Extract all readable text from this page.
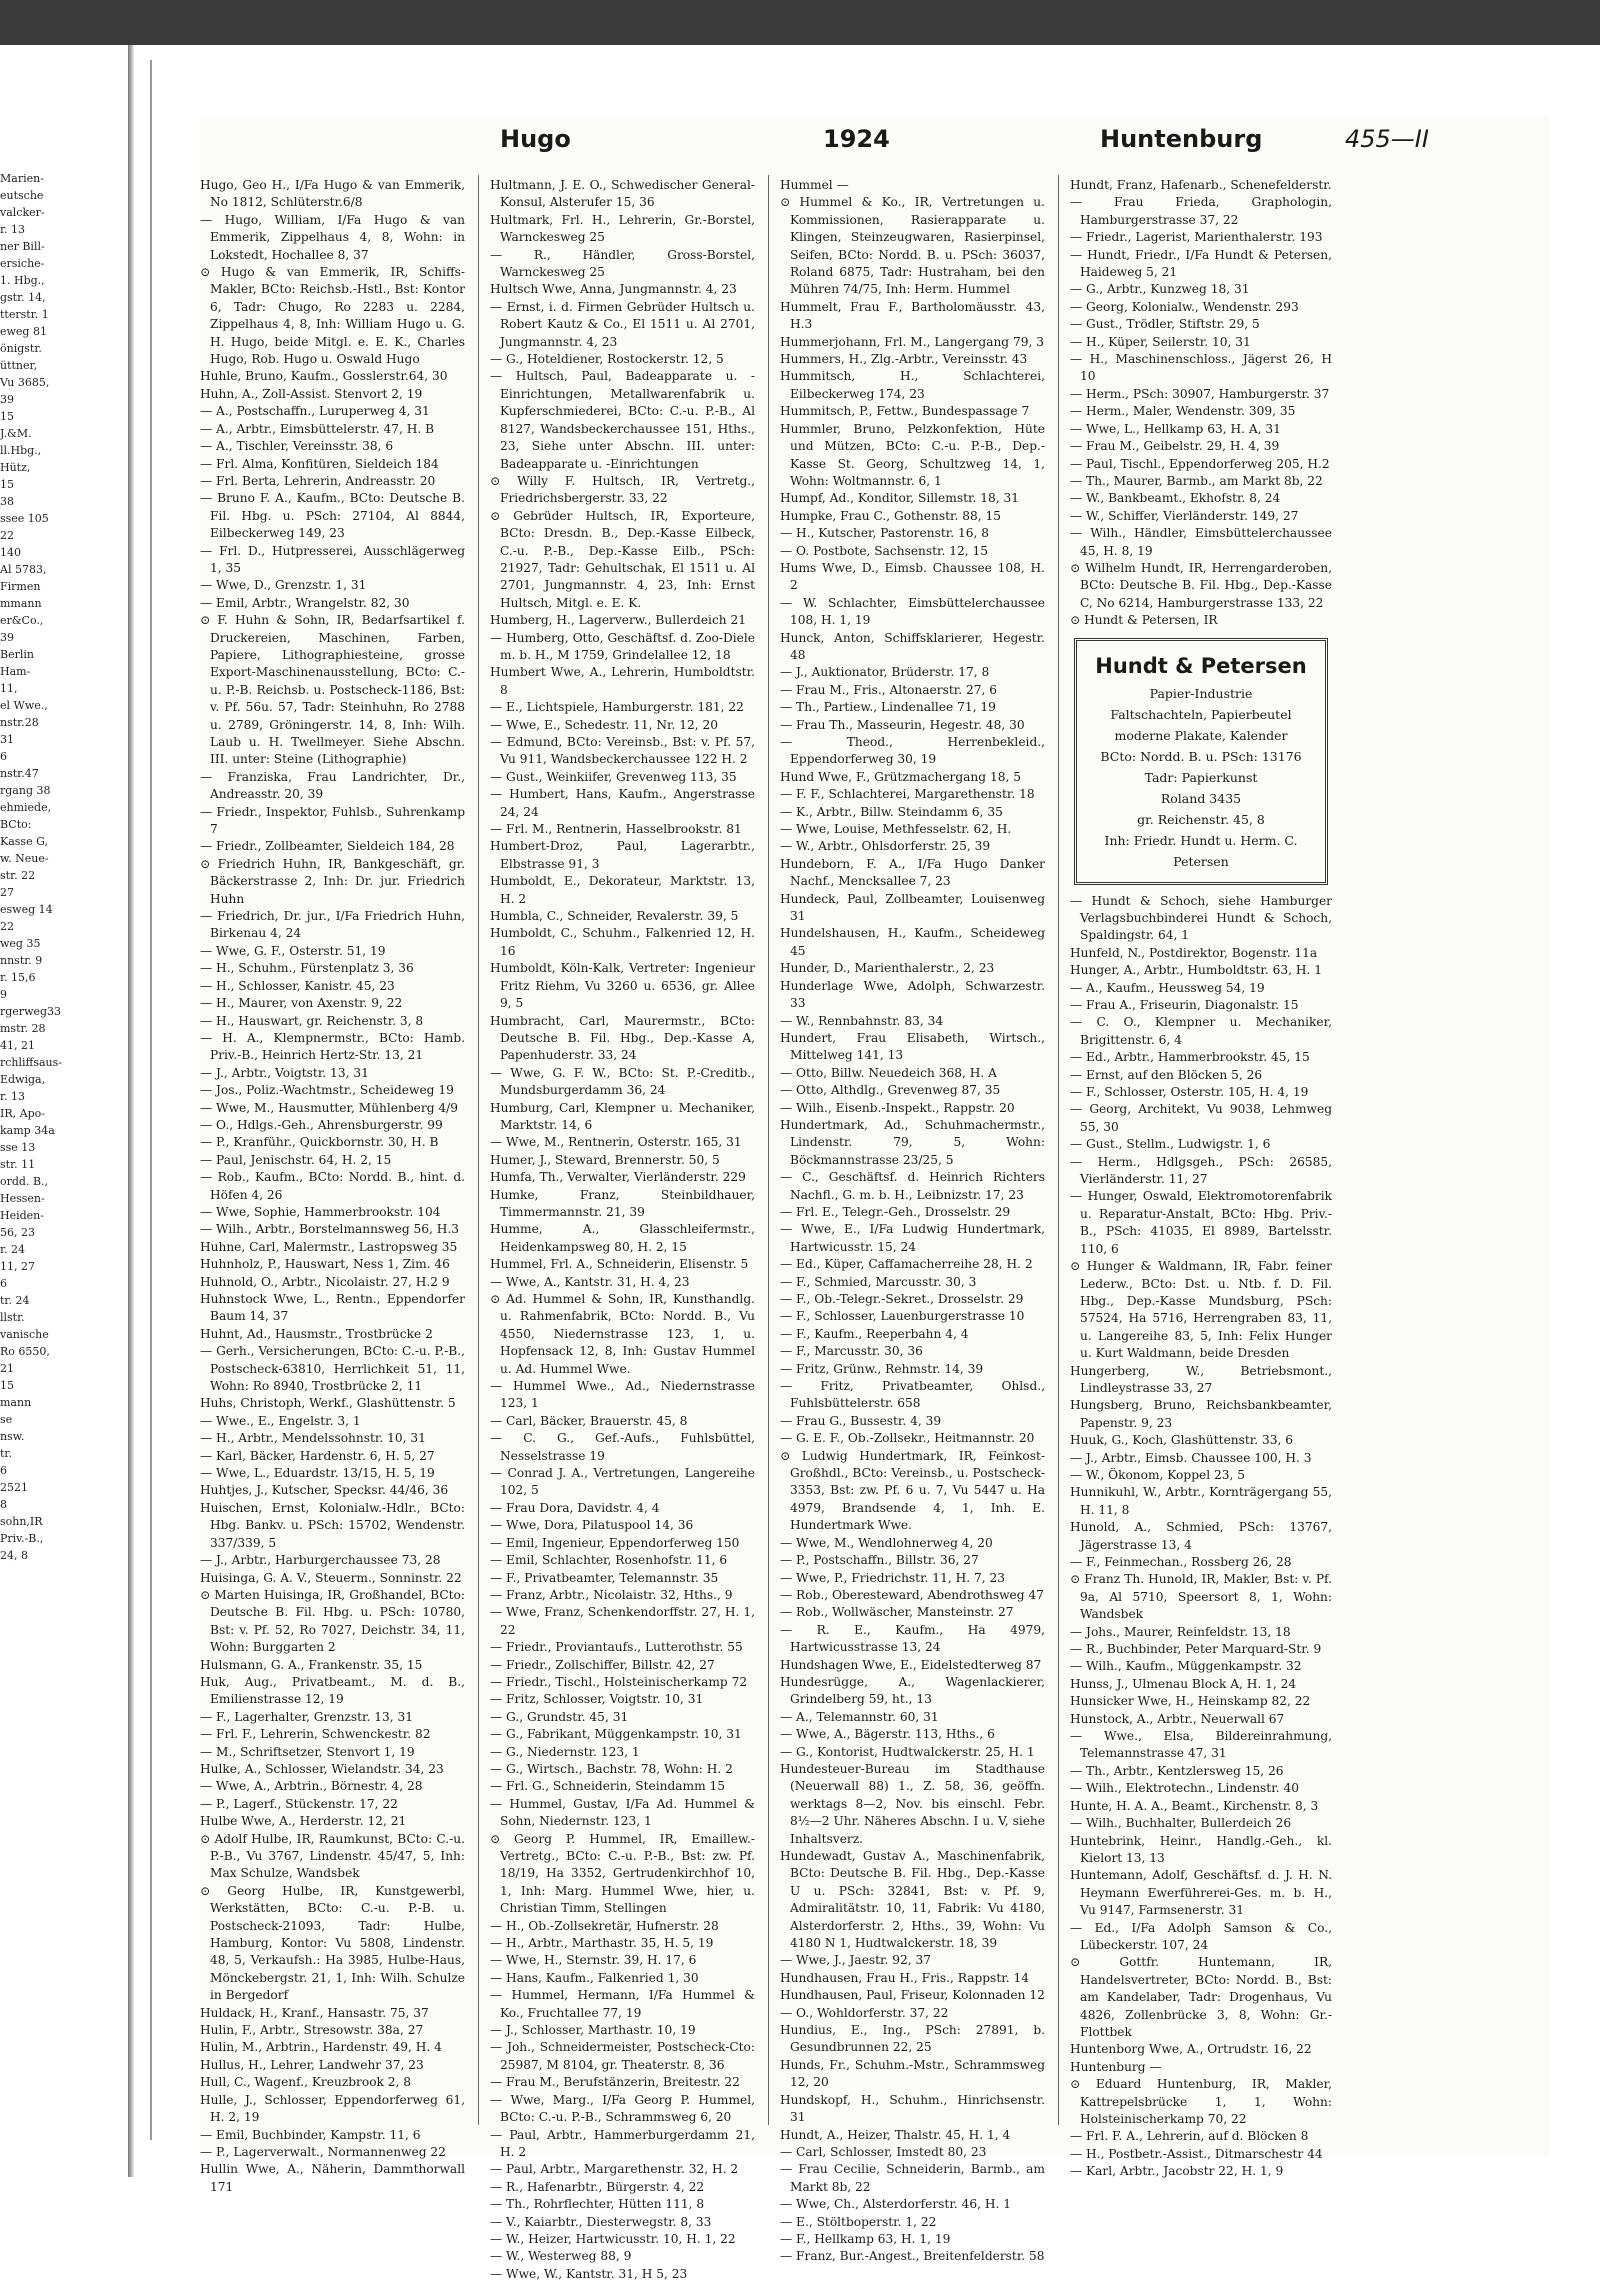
Marien-
eutsche
valcker-
r. 13
ner Bill-
ersiche-
1. Hbg.,
gstr. 14,
tterstr. 1
eweg 81
önigstr.
üttner,
Vu 3685,
39
15
J.&M.
ll.Hbg.,
Hütz,
15
38
ssee 105
22
140
Al 5783,
Firmen
mmann
er&Co.,
39
Berlin
Ham-
11,
el Wwe.,
nstr.28
31
6
nstr.47
rgang 38
ehmiede,
BCto:
Kasse G,
w. Neue-
str. 22
27
esweg 14
22
weg 35
nnstr. 9
r. 15,6
9
rgerweg33
mstr. 28
41, 21
rchliffsaus-
Edwiga,
r. 13
IR, Apo-
kamp 34a
sse 13
str. 11
ordd. B.,
Hessen-
Heiden-
56, 23
r. 24
11, 27
6
tr. 24
llstr.
vanische
Ro 6550,
21
15
mann
se
nsw.
tr.
6
2521
8
sohn,IR
Priv.-B.,
24, 8
Hugo	1924	Huntenburg	455—II
Hugo, Geo H., I/Fa Hugo & van Emmerik, No 1812, Schlüterstr.6/8
— Hugo, William, I/Fa Hugo & van Emmerik, Zippelhaus 4, 8, Wohn: in Lokstedt, Hochallee 8, 37
⊙ Hugo & van Emmerik, IR, Schiffs-Makler, BCto: Reichsb.-Hstl., Bst: Kontor 6, Tadr: Chugo, Ro 2283 u. 2284, Zippelhaus 4, 8, Inh: William Hugo u. G. H. Hugo, beide Mitgl. e. E. K., Charles Hugo, Rob. Hugo u. Oswald Hugo
Huhle, Bruno, Kaufm., Gosslerstr.64, 30
Huhn, A., Zoll-Assist. Stenvort 2, 19
— A., Postschaffn., Luruperweg 4, 31
— A., Arbtr., Eimsbüttelerstr. 47, H. B
— A., Tischler, Vereinsstr. 38, 6
— Frl. Alma, Konfitüren, Sieldeich 184
— Frl. Berta, Lehrerin, Andreasstr. 20
— Bruno F. A., Kaufm., BCto: Deutsche B. Fil. Hbg. u. PSch: 27104, Al 8844, Eilbeckerweg 149, 23
— Frl. D., Hutpresserei, Ausschlägerweg 1, 35
— Wwe, D., Grenzstr. 1, 31
— Emil, Arbtr., Wrangelstr. 82, 30
⊙ F. Huhn & Sohn, IR, Bedarfsartikel f. Druckereien, Maschinen, Farben, Papiere, Lithographiesteine, grosse Export-Maschinenausstellung, BCto: C.-u. P.-B. Reichsb. u. Postscheck-1186, Bst: v. Pf. 56u. 57, Tadr: Steinhuhn, Ro 2788 u. 2789, Gröningerstr. 14, 8, Inh: Wilh. Laub u. H. Twellmeyer. Siehe Abschn. III. unter: Steine (Lithographie)
— Franziska, Frau Landrichter, Dr., Andreasstr. 20, 39
— Friedr., Inspektor, Fuhlsb., Suhrenkamp 7
— Friedr., Zollbeamter, Sieldeich 184, 28
⊙ Friedrich Huhn, IR, Bankgeschäft, gr. Bäckerstrasse 2, Inh: Dr. jur. Friedrich Huhn
— Friedrich, Dr. jur., I/Fa Friedrich Huhn, Birkenau 4, 24
— Wwe, G. F., Osterstr. 51, 19
— H., Schuhm., Fürstenplatz 3, 36
— H., Schlosser, Kanistr. 45, 23
— H., Maurer, von Axenstr. 9, 22
— H., Hauswart, gr. Reichenstr. 3, 8
— H. A., Klempnermstr., BCto: Hamb. Priv.-B., Heinrich Hertz-Str. 13, 21
— J., Arbtr., Voigtstr. 13, 31
— Jos., Poliz.-Wachtmstr., Scheideweg 19
— Wwe, M., Hausmutter, Mühlenberg 4/9
— O., Hdlgs.-Geh., Ahrensburgerstr. 99
— P., Kranführ., Quickbornstr. 30, H. B
— Paul, Jenischstr. 64, H. 2, 15
— Rob., Kaufm., BCto: Nordd. B., hint. d. Höfen 4, 26
— Wwe, Sophie, Hammerbrookstr. 104
— Wilh., Arbtr., Borstelmannsweg 56, H.3
Huhne, Carl, Malermstr., Lastropsweg 35
Huhnholz, P., Hauswart, Ness 1, Zim. 46
Huhnold, O., Arbtr., Nicolaistr. 27, H.2 9
Huhnstock Wwe, L., Rentn., Eppendorfer Baum 14, 37
Huhnt, Ad., Hausmstr., Trostbrücke 2
— Gerh., Versicherungen, BCto: C.-u. P.-B., Postscheck-63810, Herrlichkeit 51, 11, Wohn: Ro 8940, Trostbrücke 2, 11
Huhs, Christoph, Werkf., Glashüttenstr. 5
— Wwe., E., Engelstr. 3, 1
— H., Arbtr., Mendelssohnstr. 10, 31
— Karl, Bäcker, Hardenstr. 6, H. 5, 27
— Wwe, L., Eduardstr. 13/15, H. 5, 19
Huhtjes, J., Kutscher, Specksr. 44/46, 36
Huischen, Ernst, Kolonialw.-Hdlr., BCto: Hbg. Bankv. u. PSch: 15702, Wendenstr. 337/339, 5
— J., Arbtr., Harburgerchaussee 73, 28
Huisinga, G. A. V., Steuerm., Sonninstr. 22
⊙ Marten Huisinga, IR, Großhandel, BCto: Deutsche B. Fil. Hbg. u. PSch: 10780, Bst: v. Pf. 52, Ro 7027, Deichstr. 34, 11, Wohn: Burggarten 2
Hulsmann, G. A., Frankenstr. 35, 15
Huk, Aug., Privatbeamt., M. d. B., Emilienstrasse 12, 19
— F., Lagerhalter, Grenzstr. 13, 31
— Frl. F., Lehrerin, Schwenckestr. 82
— M., Schriftsetzer, Stenvort 1, 19
Hulke, A., Schlosser, Wielandstr. 34, 23
— Wwe, A., Arbtrin., Börnestr. 4, 28
— P., Lagerf., Stückenstr. 17, 22
Hulbe Wwe, A., Herderstr. 12, 21
⊙ Adolf Hulbe, IR, Raumkunst, BCto: C.-u. P.-B., Vu 3767, Lindenstr. 45/47, 5, Inh: Max Schulze, Wandsbek
⊙ Georg Hulbe, IR, Kunstgewerbl, Werkstätten, BCto: C.-u. P.-B. u. Postscheck-21093, Tadr: Hulbe, Hamburg, Kontor: Vu 5808, Lindenstr. 48, 5, Verkaufsh.: Ha 3985, Hulbe-Haus, Mönckebergstr. 21, 1, Inh: Wilh. Schulze in Bergedorf
Huldack, H., Kranf., Hansastr. 75, 37
Hulin, F., Arbtr., Stresowstr. 38a, 27
Hulin, M., Arbtrin., Hardenstr. 49, H. 4
Hullus, H., Lehrer, Landwehr 37, 23
Hull, C., Wagenf., Kreuzbrook 2, 8
Hulle, J., Schlosser, Eppendorferweg 61, H. 2, 19
— Emil, Buchbinder, Kampstr. 11, 6
— P., Lagerverwalt., Normannenweg 22
Hullin Wwe, A., Näherin, Dammthorwall 171
Hultmann, J. E. O., Schwedischer General-Konsul, Alsterufer 15, 36
Hultmark, Frl. H., Lehrerin, Gr.-Borstel, Warnckesweg 25
— R., Händler, Gross-Borstel, Warnckesweg 25
Hultsch Wwe, Anna, Jungmannstr. 4, 23
— Ernst, i. d. Firmen Gebrüder Hultsch u. Robert Kautz & Co., El 1511 u. Al 2701, Jungmannstr. 4, 23
— G., Hoteldiener, Rostockerstr. 12, 5
— Hultsch, Paul, Badeapparate u. -Einrichtungen, Metallwarenfabrik u. Kupferschmiederei, BCto: C.-u. P.-B., Al 8127, Wandsbeckerchaussee 151, Hths., 23, Siehe unter Abschn. III. unter: Badeapparate u. -Einrichtungen
⊙ Willy F. Hultsch, IR, Vertretg., Friedrichsbergerstr. 33, 22
⊙ Gebrüder Hultsch, IR, Exporteure, BCto: Dresdn. B., Dep.-Kasse Eilbeck, C.-u. P.-B., Dep.-Kasse Eilb., PSch: 21927, Tadr: Gehultschak, El 1511 u. Al 2701, Jungmannstr. 4, 23, Inh: Ernst Hultsch, Mitgl. e. E. K.
Humberg, H., Lagerverw., Bullerdeich 21
— Humberg, Otto, Geschäftsf. d. Zoo-Diele m. b. H., M 1759, Grindelallee 12, 18
Humbert Wwe, A., Lehrerin, Humboldtstr. 8
— E., Lichtspiele, Hamburgerstr. 181, 22
— Wwe, E., Schedestr. 11, Nr. 12, 20
— Edmund, BCto: Vereinsb., Bst: v. Pf. 57, Vu 911, Wandsbeckerchaussee 122 H. 2
— Gust., Weinkiifer, Grevenweg 113, 35
— Humbert, Hans, Kaufm., Angerstrasse 24, 24
— Frl. M., Rentnerin, Hasselbrookstr. 81
Humbert-Droz, Paul, Lagerarbtr., Elbstrasse 91, 3
Humboldt, E., Dekorateur, Marktstr. 13, H. 2
Humbla, C., Schneider, Revalerstr. 39, 5
Humboldt, C., Schuhm., Falkenried 12, H. 16
Humboldt, Köln-Kalk, Vertreter: Ingenieur Fritz Riehm, Vu 3260 u. 6536, gr. Allee 9, 5
Humbracht, Carl, Maurermstr., BCto: Deutsche B. Fil. Hbg., Dep.-Kasse A, Papenhuderstr. 33, 24
— Wwe, G. F. W., BCto: St. P.-Creditb., Mundsburgerdamm 36, 24
Humburg, Carl, Klempner u. Mechaniker, Marktstr. 14, 6
— Wwe, M., Rentnerin, Osterstr. 165, 31
Humer, J., Steward, Brennerstr. 50, 5
Humfa, Th., Verwalter, Vierländerstr. 229
Humke, Franz, Steinbildhauer, Timmermannstr. 21, 39
Humme, A., Glasschleifermstr., Heidenkampsweg 80, H. 2, 15
Hummel, Frl. A., Schneiderin, Elisenstr. 5
— Wwe, A., Kantstr. 31, H. 4, 23
⊙ Ad. Hummel & Sohn, IR, Kunsthandlg. u. Rahmenfabrik, BCto: Nordd. B., Vu 4550, Niedernstrasse 123, 1, u. Hopfensack 12, 8, Inh: Gustav Hummel u. Ad. Hummel Wwe.
— Hummel Wwe., Ad., Niedernstrasse 123, 1
— Carl, Bäcker, Brauerstr. 45, 8
— C. G., Gef.-Aufs., Fuhlsbüttel, Nesselstrasse 19
— Conrad J. A., Vertretungen, Langereihe 102, 5
— Frau Dora, Davidstr. 4, 4
— Wwe, Dora, Pilatuspool 14, 36
— Emil, Ingenieur, Eppendorferweg 150
— Emil, Schlachter, Rosenhofstr. 11, 6
— F., Privatbeamter, Telemannstr. 35
— Franz, Arbtr., Nicolaistr. 32, Hths., 9
— Wwe, Franz, Schenkendorffstr. 27, H. 1, 22
— Friedr., Proviantaufs., Lutterothstr. 55
— Friedr., Zollschiffer, Billstr. 42, 27
— Friedr., Tischl., Holsteinischerkamp 72
— Fritz, Schlosser, Voigtstr. 10, 31
— G., Grundstr. 45, 31
— G., Fabrikant, Müggenkampstr. 10, 31
— G., Niedernstr. 123, 1
— G., Wirtsch., Bachstr. 78, Wohn: H. 2
— Frl. G., Schneiderin, Steindamm 15
— Hummel, Gustav, I/Fa Ad. Hummel & Sohn, Niedernstr. 123, 1
⊙ Georg P. Hummel, IR, Emaillew.-Vertretg., BCto: C.-u. P.-B., Bst: zw. Pf. 18/19, Ha 3352, Gertrudenkirchhof 10, 1, Inh: Marg. Hummel Wwe, hier, u. Christian Timm, Stellingen
— H., Ob.-Zollsekretär, Hufnerstr. 28
— H., Arbtr., Marthastr. 35, H. 5, 19
— Wwe, H., Sternstr. 39, H. 17, 6
— Hans, Kaufm., Falkenried 1, 30
— Hummel, Hermann, I/Fa Hummel & Ko., Fruchtallee 77, 19
— J., Schlosser, Marthastr. 10, 19
— Joh., Schneidermeister, Postscheck-Cto: 25987, M 8104, gr. Theaterstr. 8, 36
— Frau M., Berufstänzerin, Breitestr. 22
— Wwe, Marg., I/Fa Georg P. Hummel, BCto: C.-u. P.-B., Schrammsweg 6, 20
— Paul, Arbtr., Hammerburgerdamm 21, H. 2
— Paul, Arbtr., Margarethenstr. 32, H. 2
— R., Hafenarbtr., Bürgerstr. 4, 22
— Th., Rohrflechter, Hütten 111, 8
— V., Kaiarbtr., Diesterwegstr. 8, 33
— W., Heizer, Hartwicusstr. 10, H. 1, 22
— W., Westerweg 88, 9
— Wwe, W., Kantstr. 31, H 5, 23
Hummel —
⊙ Hummel & Ko., IR, Vertretungen u. Kommissionen, Rasierapparate u. Klingen, Steinzeugwaren, Rasierpinsel, Seifen, BCto: Nordd. B. u. PSch: 36037, Roland 6875, Tadr: Hustraham, bei den Mühren 74/75, Inh: Herm. Hummel
Hummelt, Frau F., Bartholomäusstr. 43, H.3
Hummerjohann, Frl. M., Langergang 79, 3
Hummers, H., Zlg.-Arbtr., Vereinsstr. 43
Hummitsch, H., Schlachterei, Eilbeckerweg 174, 23
Hummitsch, P., Fettw., Bundespassage 7
Hummler, Bruno, Pelzkonfektion, Hüte und Mützen, BCto: C.-u. P.-B., Dep.-Kasse St. Georg, Schultzweg 14, 1, Wohn: Woltmannstr. 6, 1
Humpf, Ad., Konditor, Sillemstr. 18, 31
Humpke, Frau C., Gothenstr. 88, 15
— H., Kutscher, Pastorenstr. 16, 8
— O. Postbote, Sachsenstr. 12, 15
Hums Wwe, D., Eimsb. Chaussee 108, H. 2
— W. Schlachter, Eimsbüttelerchaussee 108, H. 1, 19
Hunck, Anton, Schiffsklarierer, Hegestr. 48
— J., Auktionator, Brüderstr. 17, 8
— Frau M., Fris., Altonaerstr. 27, 6
— Th., Partiew., Lindenallee 71, 19
— Frau Th., Masseurin, Hegestr. 48, 30
— Theod., Herrenbekleid., Eppendorferweg 30, 19
Hund Wwe, F., Grützmachergang 18, 5
— F. F., Schlachterei, Margarethenstr. 18
— K., Arbtr., Billw. Steindamm 6, 35
— Wwe, Louise, Methfesselstr. 62, H.
— W., Arbtr., Ohlsdorferstr. 25, 39
Hundeborn, F. A., I/Fa Hugo Danker Nachf., Mencksallee 7, 23
Hundeck, Paul, Zollbeamter, Louisenweg 31
Hundelshausen, H., Kaufm., Scheideweg 45
Hunder, D., Marienthalerstr., 2, 23
Hunderlage Wwe, Adolph, Schwarzestr. 33
— W., Rennbahnstr. 83, 34
Hundert, Frau Elisabeth, Wirtsch., Mittelweg 141, 13
— Otto, Billw. Neuedeich 368, H. A
— Otto, Althdlg., Grevenweg 87, 35
— Wilh., Eisenb.-Inspekt., Rappstr. 20
Hundertmark, Ad., Schuhmachermstr., Lindenstr. 79, 5, Wohn: Böckmannstrasse 23/25, 5
— C., Geschäftsf. d. Heinrich Richters Nachfl., G. m. b. H., Leibnizstr. 17, 23
— Frl. E., Telegr.-Geh., Drosselstr. 29
— Wwe, E., I/Fa Ludwig Hundertmark, Hartwicusstr. 15, 24
— Ed., Küper, Caffamacherreihe 28, H. 2
— F., Schmied, Marcusstr. 30, 3
— F., Ob.-Telegr.-Sekret., Drosselstr. 29
— F., Schlosser, Lauenburgerstrasse 10
— F., Kaufm., Reeperbahn 4, 4
— F., Marcusstr. 30, 36
— Fritz, Grünw., Rehmstr. 14, 39
— Fritz, Privatbeamter, Ohlsd., Fuhlsbüttelerstr. 658
— Frau G., Bussestr. 4, 39
— G. E. F., Ob.-Zollsekr., Heitmannstr. 20
⊙ Ludwig Hundertmark, IR, Feinkost-Großhdl., BCto: Vereinsb., u. Postscheck-3353, Bst: zw. Pf. 6 u. 7, Vu 5447 u. Ha 4979, Brandsende 4, 1, Inh. E. Hundertmark Wwe.
— Wwe, M., Wendlohnerweg 4, 20
— P., Postschaffn., Billstr. 36, 27
— Wwe, P., Friedrichstr. 11, H. 7, 23
— Rob., Oberesteward, Abendrothsweg 47
— Rob., Wollwäscher, Mansteinstr. 27
— R. E., Kaufm., Ha 4979, Hartwicusstrasse 13, 24
Hundshagen Wwe, E., Eidelstedterweg 87
Hundesrügge, A., Wagenlackierer, Grindelberg 59, ht., 13
— A., Telemannstr. 60, 31
— Wwe, A., Bägerstr. 113, Hths., 6
— G., Kontorist, Hudtwalckerstr. 25, H. 1
Hundesteuer-Bureau im Stadthause (Neuerwall 88) 1., Z. 58, 36, geöffn. werktags 8—2, Nov. bis einschl. Febr. 8½—2 Uhr. Näheres Abschn. I u. V, siehe Inhaltsverz.
Hundewadt, Gustav A., Maschinenfabrik, BCto: Deutsche B. Fil. Hbg., Dep.-Kasse U u. PSch: 32841, Bst: v. Pf. 9, Admiralitätstr. 10, 11, Fabrik: Vu 4180, Alsterdorferstr. 2, Hths., 39, Wohn: Vu 4180 N 1, Hudtwalckerstr. 18, 39
— Wwe, J., Jaestr. 92, 37
Hundhausen, Frau H., Fris., Rappstr. 14
Hundhausen, Paul, Friseur, Kolonnaden 12
— O., Wohldorferstr. 37, 22
Hundius, E., Ing., PSch: 27891, b. Gesundbrunnen 22, 25
Hunds, Fr., Schuhm.-Mstr., Schrammsweg 12, 20
Hundskopf, H., Schuhm., Hinrichsenstr. 31
Hundt, A., Heizer, Thalstr. 45, H. 1, 4
— Carl, Schlosser, Imstedt 80, 23
— Frau Cecilie, Schneiderin, Barmb., am Markt 8b, 22
— Wwe, Ch., Alsterdorferstr. 46, H. 1
— E., Stöltboperstr. 1, 22
— F., Hellkamp 63, H. 1, 19
— Franz, Bur.-Angest., Breitenfelderstr. 58
Hundt, Franz, Hafenarb., Schenefelderstr.
— Frau Frieda, Graphologin, Hamburgerstrasse 37, 22
— Friedr., Lagerist, Marienthalerstr. 193
— Hundt, Friedr., I/Fa Hundt & Petersen, Haideweg 5, 21
— G., Arbtr., Kunzweg 18, 31
— Georg, Kolonialw., Wendenstr. 293
— Gust., Trödler, Stiftstr. 29, 5
— H., Küper, Seilerstr. 10, 31
— H., Maschinenschloss., Jägerst 26, H 10
— Herm., PSch: 30907, Hamburgerstr. 37
— Herm., Maler, Wendenstr. 309, 35
— Wwe, L., Hellkamp 63, H. A, 31
— Frau M., Geibelstr. 29, H. 4, 39
— Paul, Tischl., Eppendorferweg 205, H.2
— Th., Maurer, Barmb., am Markt 8b, 22
— W., Bankbeamt., Ekhofstr. 8, 24
— W., Schiffer, Vierländerstr. 149, 27
— Wilh., Händler, Eimsbüttelerchaussee 45, H. 8, 19
⊙ Wilhelm Hundt, IR, Herrengarderoben, BCto: Deutsche B. Fil. Hbg., Dep.-Kasse C, No 6214, Hamburgerstrasse 133, 22
⊙ Hundt & Petersen, IR
Hundt & Petersen
Papier-Industrie
Faltschachteln, Papierbeutel
moderne Plakate, Kalender
BCto: Nordd. B. u. PSch: 13176
Tadr: Papierkunst
Roland 3435
gr. Reichenstr. 45, 8
Inh: Friedr. Hundt u. Herm. C. Petersen
— Hundt & Schoch, siehe Hamburger Verlagsbuchbinderei Hundt & Schoch, Spaldingstr. 64, 1
Hunfeld, N., Postdirektor, Bogenstr. 11a
Hunger, A., Arbtr., Humboldtstr. 63, H. 1
— A., Kaufm., Heussweg 54, 19
— Frau A., Friseurin, Diagonalstr. 15
— C. O., Klempner u. Mechaniker, Brigittenstr. 6, 4
— Ed., Arbtr., Hammerbrookstr. 45, 15
— Ernst, auf den Blöcken 5, 26
— F., Schlosser, Osterstr. 105, H. 4, 19
— Georg, Architekt, Vu 9038, Lehmweg 55, 30
— Gust., Stellm., Ludwigstr. 1, 6
— Herm., Hdlgsgeh., PSch: 26585, Vierländerstr. 11, 27
— Hunger, Oswald, Elektromotorenfabrik u. Reparatur-Anstalt, BCto: Hbg. Priv.-B., PSch: 41035, El 8989, Bartelsstr. 110, 6
⊙ Hunger & Waldmann, IR, Fabr. feiner Lederw., BCto: Dst. u. Ntb. f. D. Fil. Hbg., Dep.-Kasse Mundsburg, PSch: 57524, Ha 5716, Herrengraben 83, 11, u. Langereihe 83, 5, Inh: Felix Hunger u. Kurt Waldmann, beide Dresden
Hungerberg, W., Betriebsmont., Lindleystrasse 33, 27
Hungsberg, Bruno, Reichsbankbeamter, Papenstr. 9, 23
Huuk, G., Koch, Glashüttenstr. 33, 6
— J., Arbtr., Eimsb. Chaussee 100, H. 3
— W., Ökonom, Koppel 23, 5
Hunnikuhl, W., Arbtr., Kornträgergang 55, H. 11, 8
Hunold, A., Schmied, PSch: 13767, Jägerstrasse 13, 4
— F., Feinmechan., Rossberg 26, 28
⊙ Franz Th. Hunold, IR, Makler, Bst: v. Pf. 9a, Al 5710, Speersort 8, 1, Wohn: Wandsbek
— Johs., Maurer, Reinfeldstr. 13, 18
— R., Buchbinder, Peter Marquard-Str. 9
— Wilh., Kaufm., Müggenkampstr. 32
Hunss, J., Ulmenau Block A, H. 1, 24
Hunsicker Wwe, H., Heinskamp 82, 22
Hunstock, A., Arbtr., Neuerwall 67
— Wwe., Elsa, Bildereinrahmung, Telemannstrasse 47, 31
— Th., Arbtr., Kentzlersweg 15, 26
— Wilh., Elektrotechn., Lindenstr. 40
Hunte, H. A. A., Beamt., Kirchenstr. 8, 3
— Wilh., Buchhalter, Bullerdeich 26
Huntebrink, Heinr., Handlg.-Geh., kl. Kielort 13, 13
Huntemann, Adolf, Geschäftsf. d. J. H. N. Heymann Ewerführerei-Ges. m. b. H., Vu 9147, Farmsenerstr. 31
— Ed., I/Fa Adolph Samson & Co., Lübeckerstr. 107, 24
⊙ Gottfr. Huntemann, IR, Handelsvertreter, BCto: Nordd. B., Bst: am Kandelaber, Tadr: Drogenhaus, Vu 4826, Zollenbrücke 3, 8, Wohn: Gr.-Flottbek
Huntenborg Wwe, A., Ortrudstr. 16, 22
Huntenburg —
⊙ Eduard Huntenburg, IR, Makler, Kattrepelsbrücke 1, 1, Wohn: Holsteinischerkamp 70, 22
— Frl. F. A., Lehrerin, auf d. Blöcken 8
— H., Postbetr.-Assist., Ditmarschestr 44
— Karl, Arbtr., Jacobstr 22, H. 1, 9
